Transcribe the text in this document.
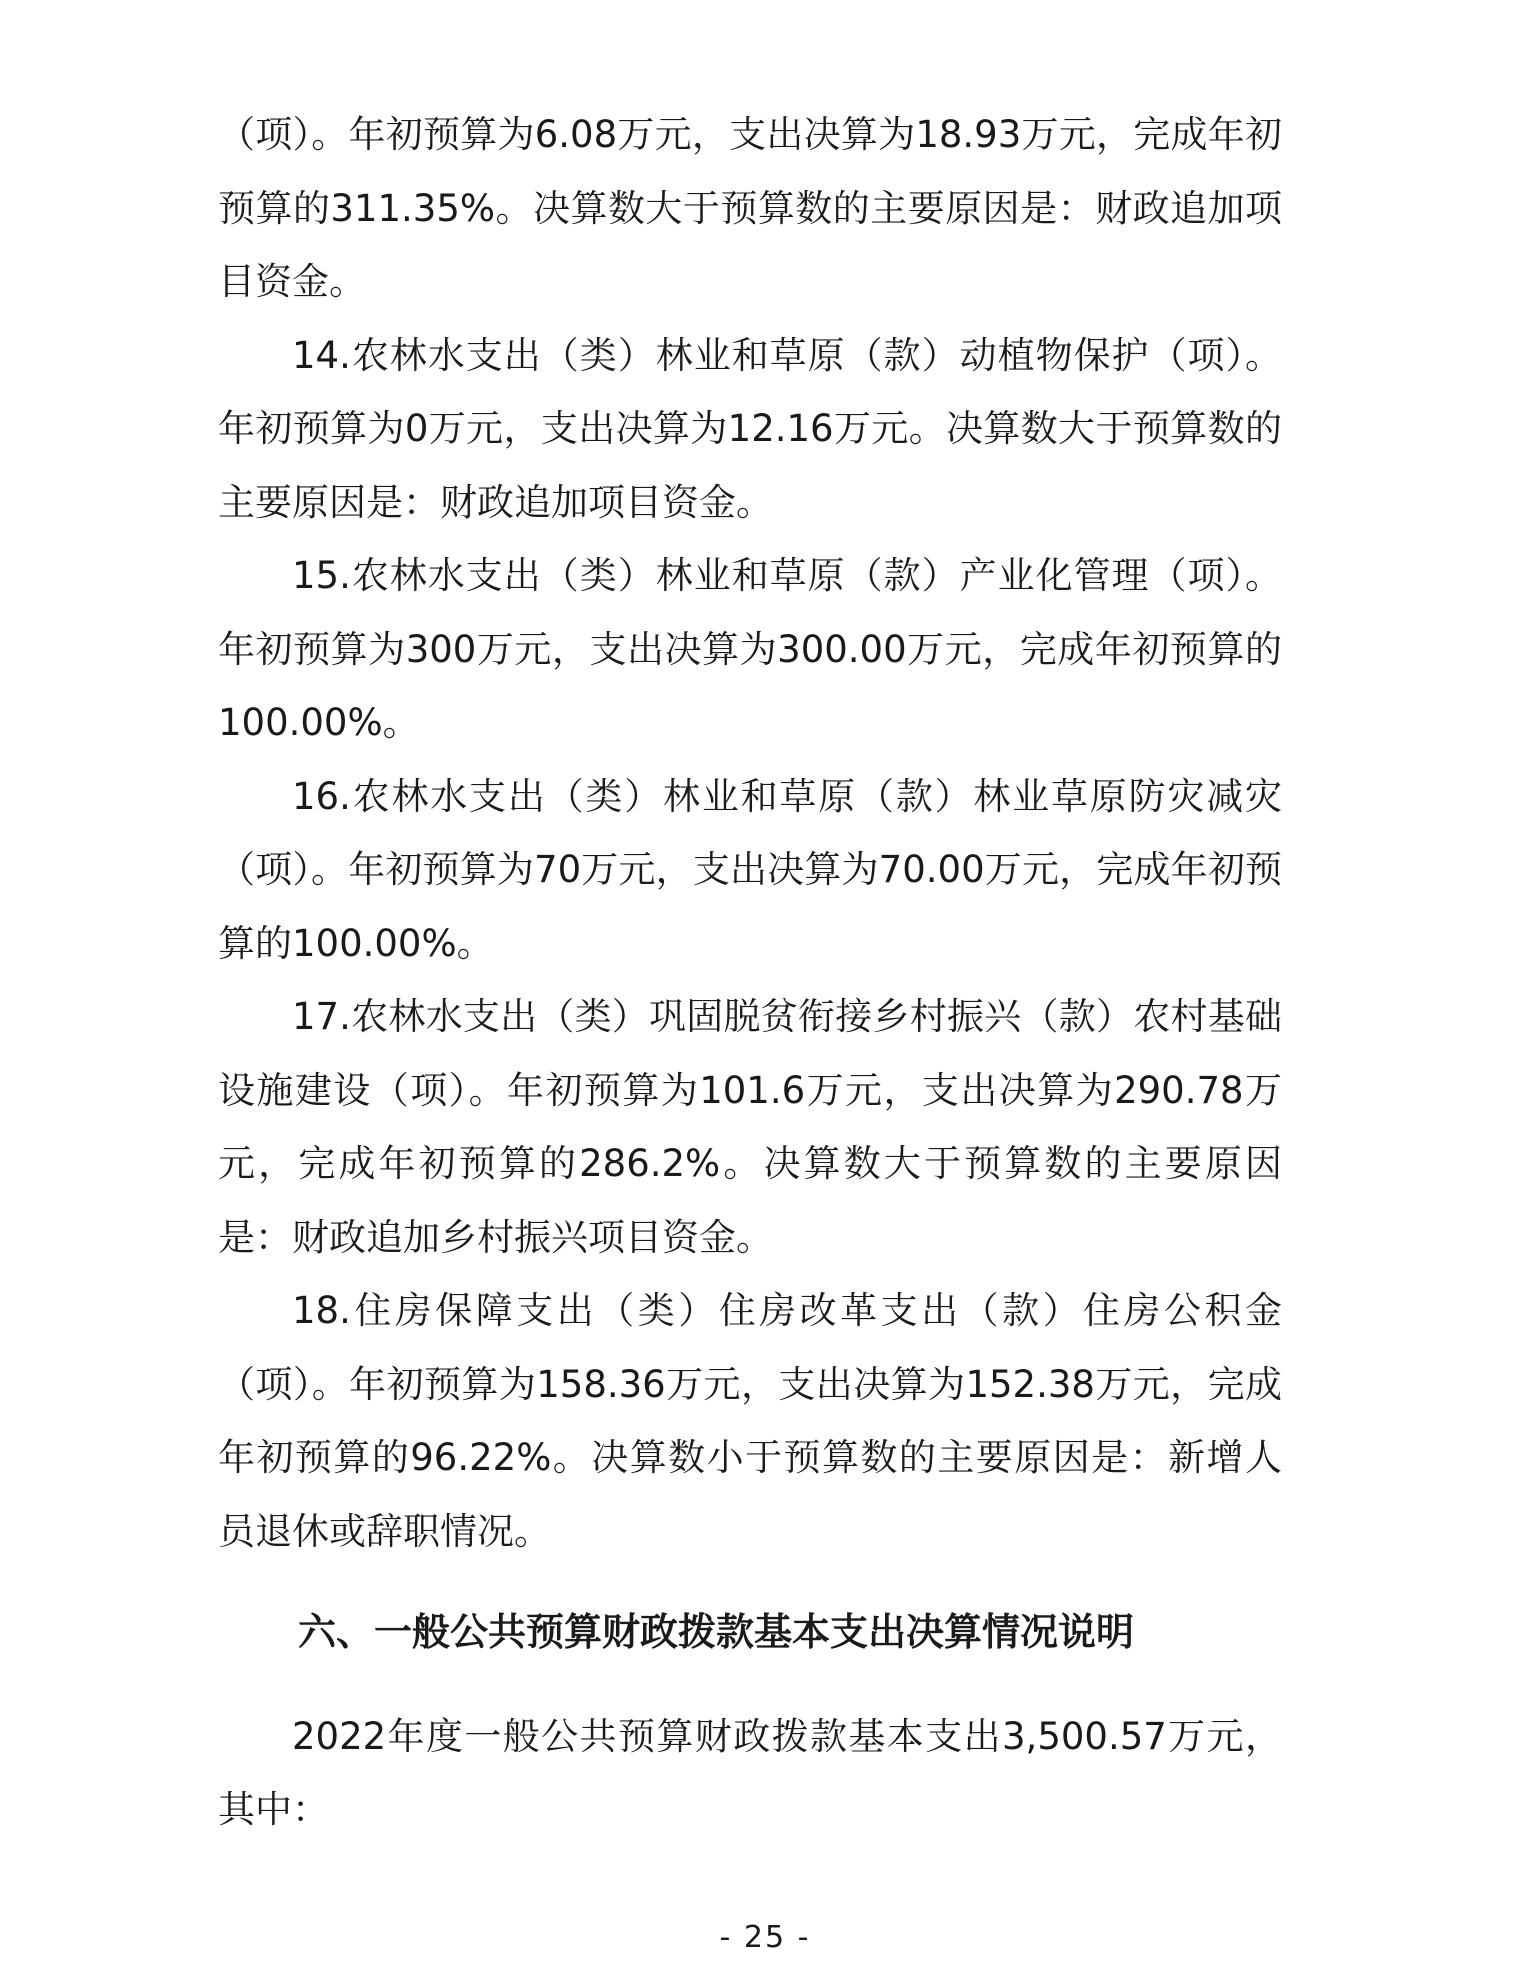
（项）。年初预算为6.08万元，支出决算为18.93万元，完成年初预算的311.35%。决算数大于预算数的主要原因是：财政追加项目资金。

14.农林水支出（类）林业和草原（款）动植物保护（项）。年初预算为0万元，支出决算为12.16万元。决算数大于预算数的主要原因是：财政追加项目资金。

15.农林水支出（类）林业和草原（款）产业化管理（项）。年初预算为300万元，支出决算为300.00万元，完成年初预算的100.00%。

16.农林水支出（类）林业和草原（款）林业草原防灾减灾（项）。年初预算为70万元，支出决算为70.00万元，完成年初预算的100.00%。

17.农林水支出（类）巩固脱贫衔接乡村振兴（款）农村基础设施建设（项）。年初预算为101.6万元，支出决算为290.78万元，完成年初预算的286.2%。决算数大于预算数的主要原因是：财政追加乡村振兴项目资金。

18.住房保障支出（类）住房改革支出（款）住房公积金（项）。年初预算为158.36万元，支出决算为152.38万元，完成年初预算的96.22%。决算数小于预算数的主要原因是：新增人员退休或辞职情况。

六、一般公共预算财政拨款基本支出决算情况说明

2022年度一般公共预算财政拨款基本支出3,500.57万元，其中：

- 25 -
